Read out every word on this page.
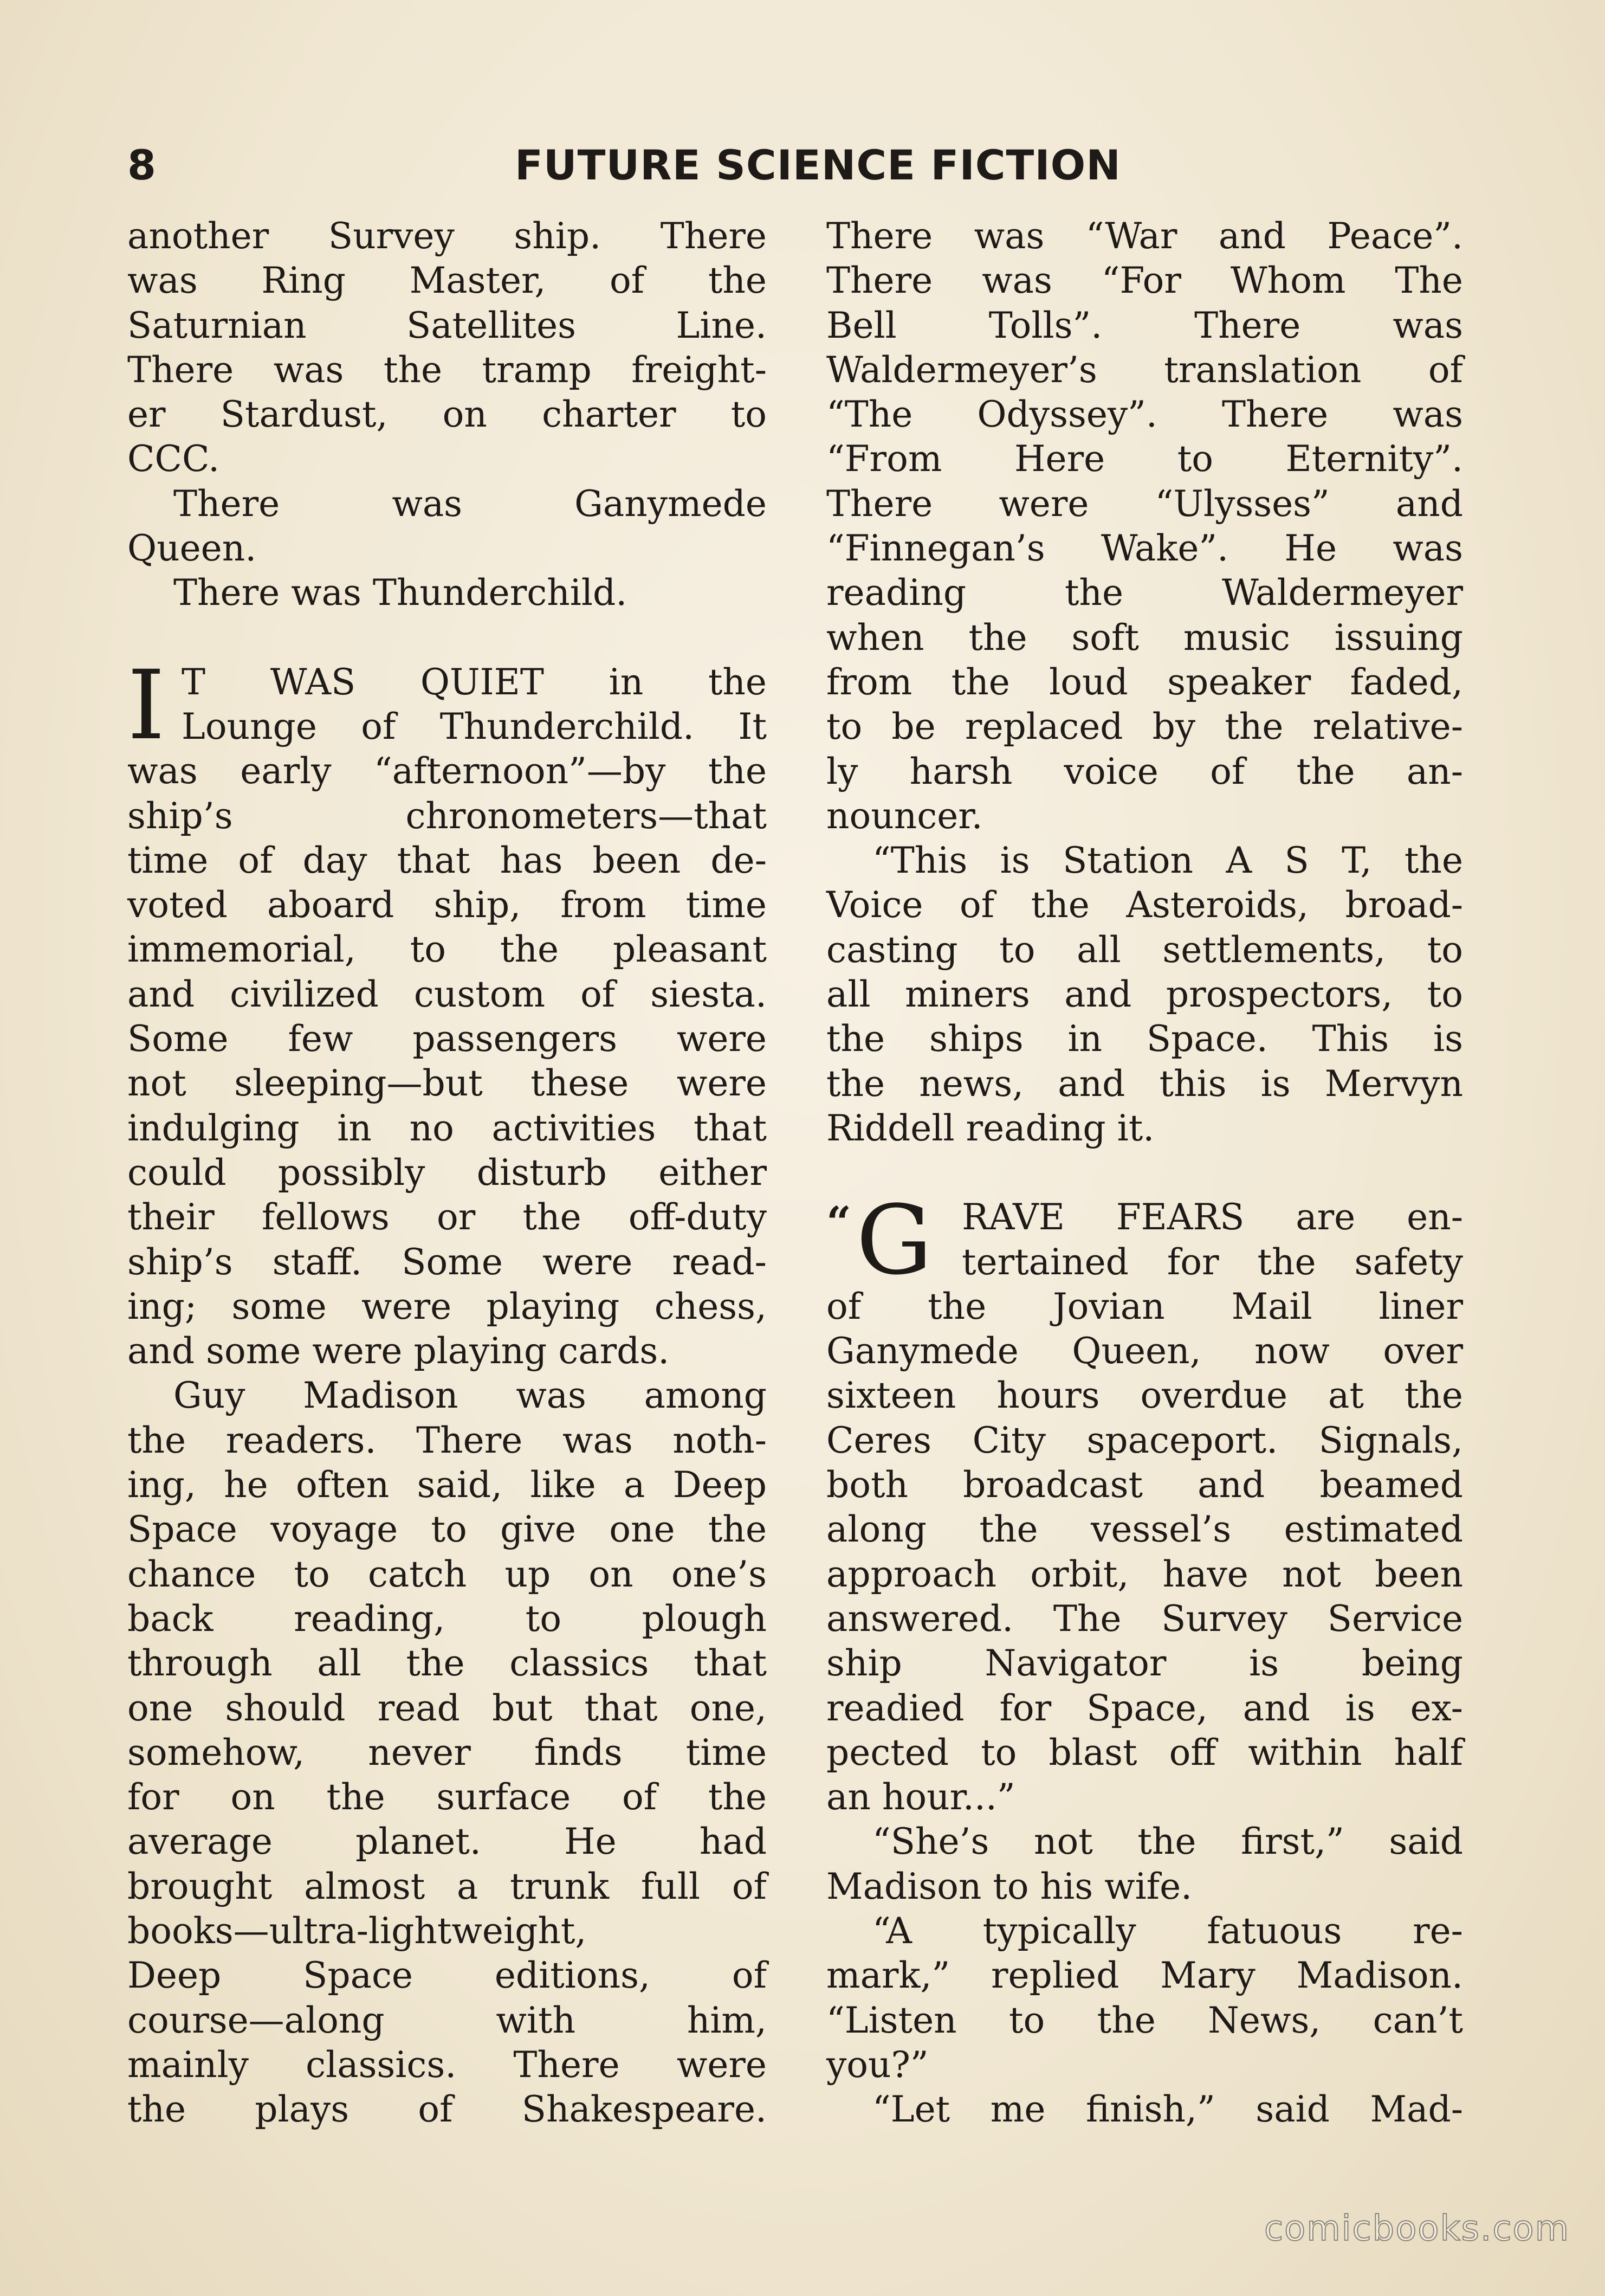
8	FUTURE SCIENCE FICTION
another Survey ship. There
was Ring Master, of the
Saturnian Satellites Line.
There was the tramp freight-
er Stardust, on charter to
CCC.
There was Ganymede
Queen.
There was Thunderchild.
I T WAS QUIET in the
Lounge of Thunderchild. It
was early “afternoon”—by the
ship’s chronometers—that
time of day that has been de-
voted aboard ship, from time
immemorial, to the pleasant
and civilized custom of siesta.
Some few passengers were
not sleeping—but these were
indulging in no activities that
could possibly disturb either
their fellows or the off-duty
ship’s staff. Some were read-
ing; some were playing chess,
and some were playing cards.
Guy Madison was among
the readers. There was noth-
ing, he often said, like a Deep
Space voyage to give one the
chance to catch up on one’s
back reading, to plough
through all the classics that
one should read but that one,
somehow, never finds time
for on the surface of the
average planet. He had
brought almost a trunk full of
books—ultra-lightweight,
Deep Space editions, of
course—along with him,
mainly classics. There were
the plays of Shakespeare.
There was “War and Peace”.
There was “For Whom The
Bell Tolls”. There was
Waldermeyer’s translation of
“The Odyssey”. There was
“From Here to Eternity”.
There were “Ulysses” and
“Finnegan’s Wake”. He was
reading the Waldermeyer
when the soft music issuing
from the loud speaker faded,
to be replaced by the relative-
ly harsh voice of the an-
nouncer.
“This is Station A S T, the
Voice of the Asteroids, broad-
casting to all settlements, to
all miners and prospectors, to
the ships in Space. This is
the news, and this is Mervyn
Riddell reading it.
“ G RAVE FEARS are en-
tertained for the safety
of the Jovian Mail liner
Ganymede Queen, now over
sixteen hours overdue at the
Ceres City spaceport. Signals,
both broadcast and beamed
along the vessel’s estimated
approach orbit, have not been
answered. The Survey Service
ship Navigator is being
readied for Space, and is ex-
pected to blast off within half
an hour...”
“She’s not the first,” said
Madison to his wife.
“A typically fatuous re-
mark,” replied Mary Madison.
“Listen to the News, can’t
you?”
“Let me finish,” said Mad-
comicbooks.com
